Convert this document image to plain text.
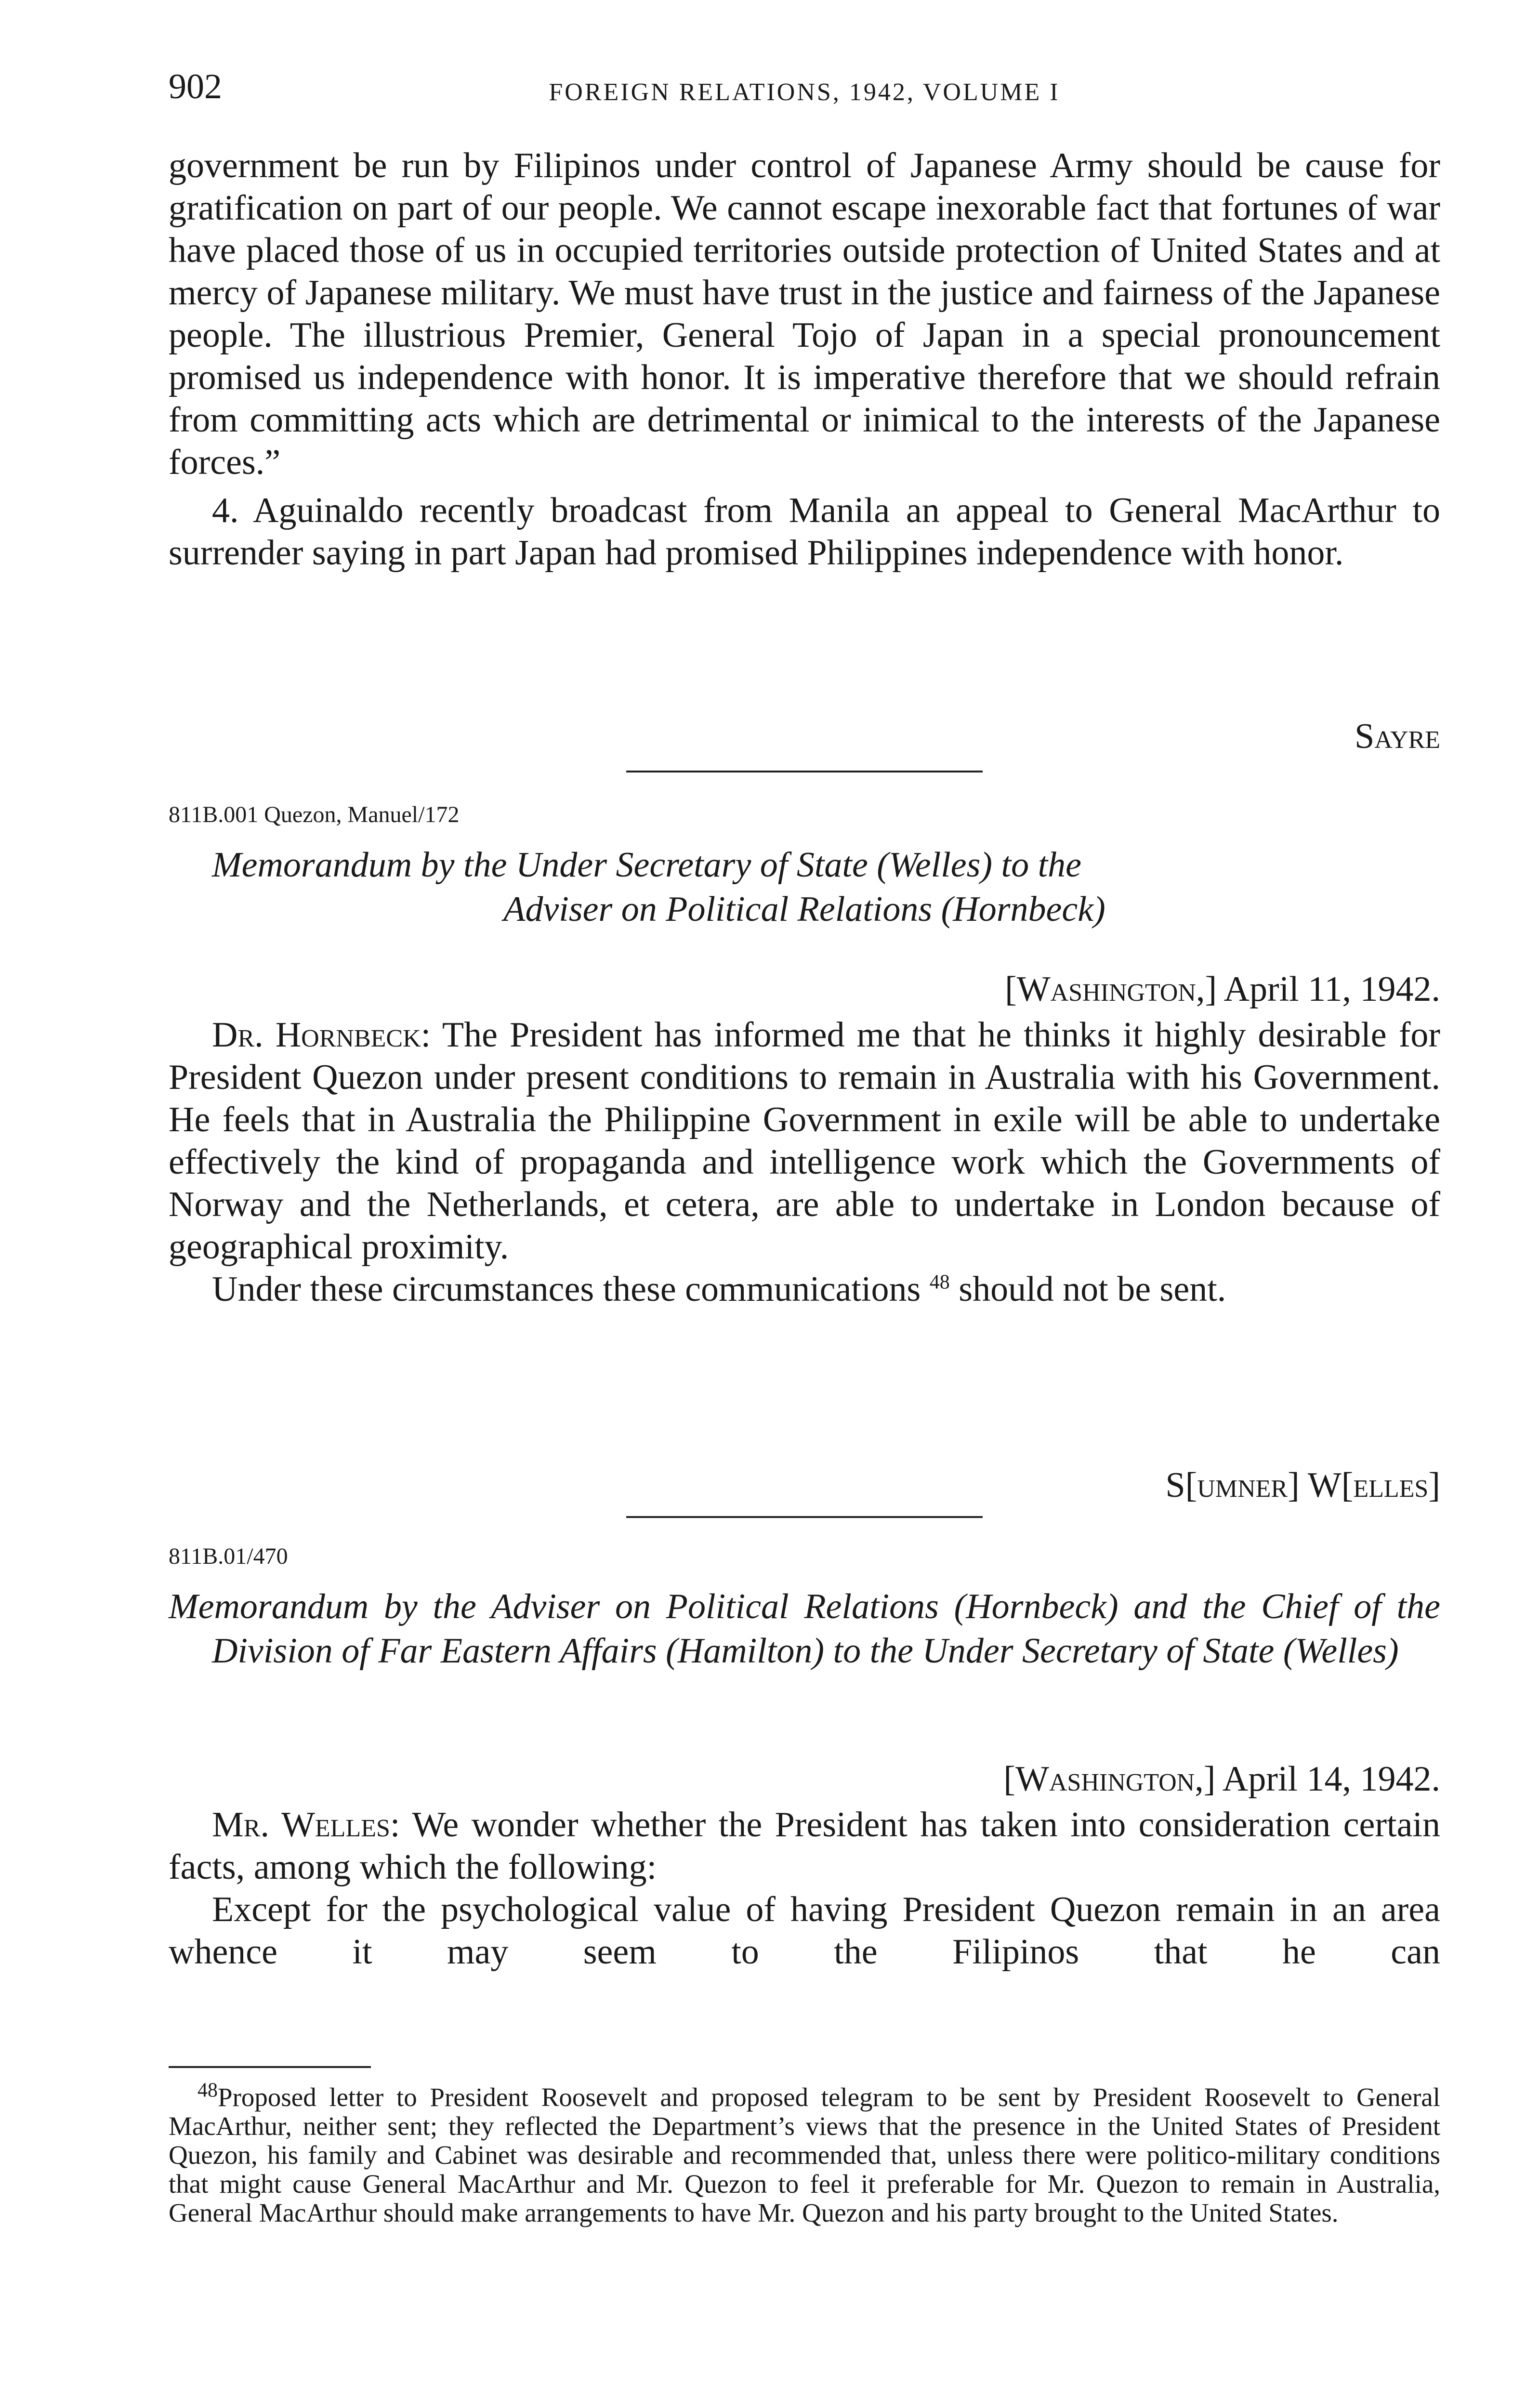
902	FOREIGN RELATIONS, 1942, VOLUME I

government be run by Filipinos under control of Japanese Army should be cause for gratification on part of our people. We cannot escape inexorable fact that fortunes of war have placed those of us in occupied territories outside protection of United States and at mercy of Japanese military. We must have trust in the justice and fairness of the Japanese people. The illustrious Premier, General Tojo of Japan in a special pronouncement promised us independence with honor. It is imperative therefore that we should refrain from committing acts which are detrimental or inimical to the interests of the Japanese forces.”

4. Aguinaldo recently broadcast from Manila an appeal to General MacArthur to surrender saying in part Japan had promised Philippines independence with honor.

Sayre
811B.001 Quezon, Manuel/172
Memorandum by the Under Secretary of State (Welles) to the
Adviser on Political Relations (Hornbeck)
[Washington,] April 11, 1942.

Dr. Hornbeck: The President has informed me that he thinks it highly desirable for President Quezon under present conditions to remain in Australia with his Government. He feels that in Australia the Philippine Government in exile will be able to undertake effectively the kind of propaganda and intelligence work which the Governments of Norway and the Netherlands, et cetera, are able to undertake in London because of geographical proximity.

Under these circumstances these communications $^{48}$ should not be sent.

S[umner] W[elles]
811B.01/470
Memorandum by the Adviser on Political Relations (Hornbeck) and the Chief of the Division of Far Eastern Affairs (Hamilton) to the Under Secretary of State (Welles)
[Washington,] April 14, 1942.

Mr. Welles: We wonder whether the President has taken into consideration certain facts, among which the following:

Except for the psychological value of having President Quezon remain in an area whence it may seem to the Filipinos that he can

$^{48}$Proposed letter to President Roosevelt and proposed telegram to be sent by President Roosevelt to General MacArthur, neither sent; they reflected the Department’s views that the presence in the United States of President Quezon, his family and Cabinet was desirable and recommended that, unless there were politico-military conditions that might cause General MacArthur and Mr. Quezon to feel it preferable for Mr. Quezon to remain in Australia, General MacArthur should make arrangements to have Mr. Quezon and his party brought to the United States.
